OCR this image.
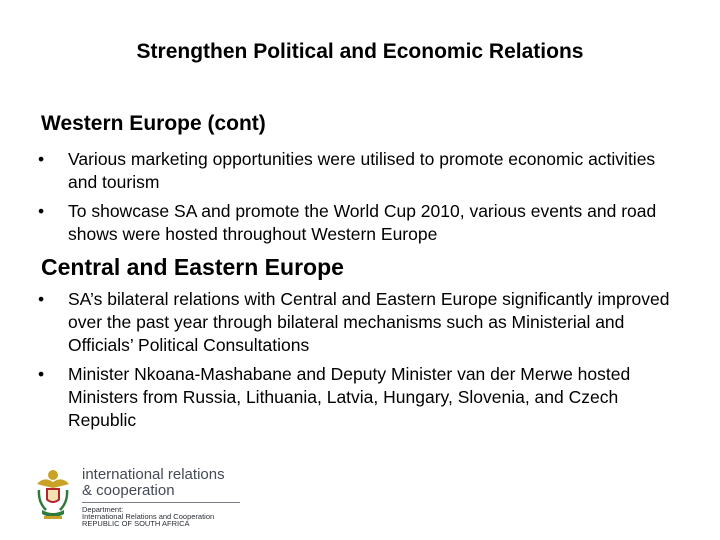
Strengthen Political and Economic Relations
Western Europe (cont)
•	Various marketing opportunities were utilised to promote economic activities and tourism
•	To showcase SA and promote the World Cup 2010, various events and road shows were hosted throughout Western Europe
Central and Eastern Europe
•	SA’s bilateral relations with Central and Eastern Europe significantly improved over the past year through bilateral mechanisms such as Ministerial and Officials’ Political Consultations
•	Minister Nkoana-Mashabane and Deputy Minister van der Merwe hosted Ministers from Russia, Lithuania, Latvia, Hungary, Slovenia, and Czech Republic
international relations
& cooperation
Department:
International Relations and Cooperation
REPUBLIC OF SOUTH AFRICA
